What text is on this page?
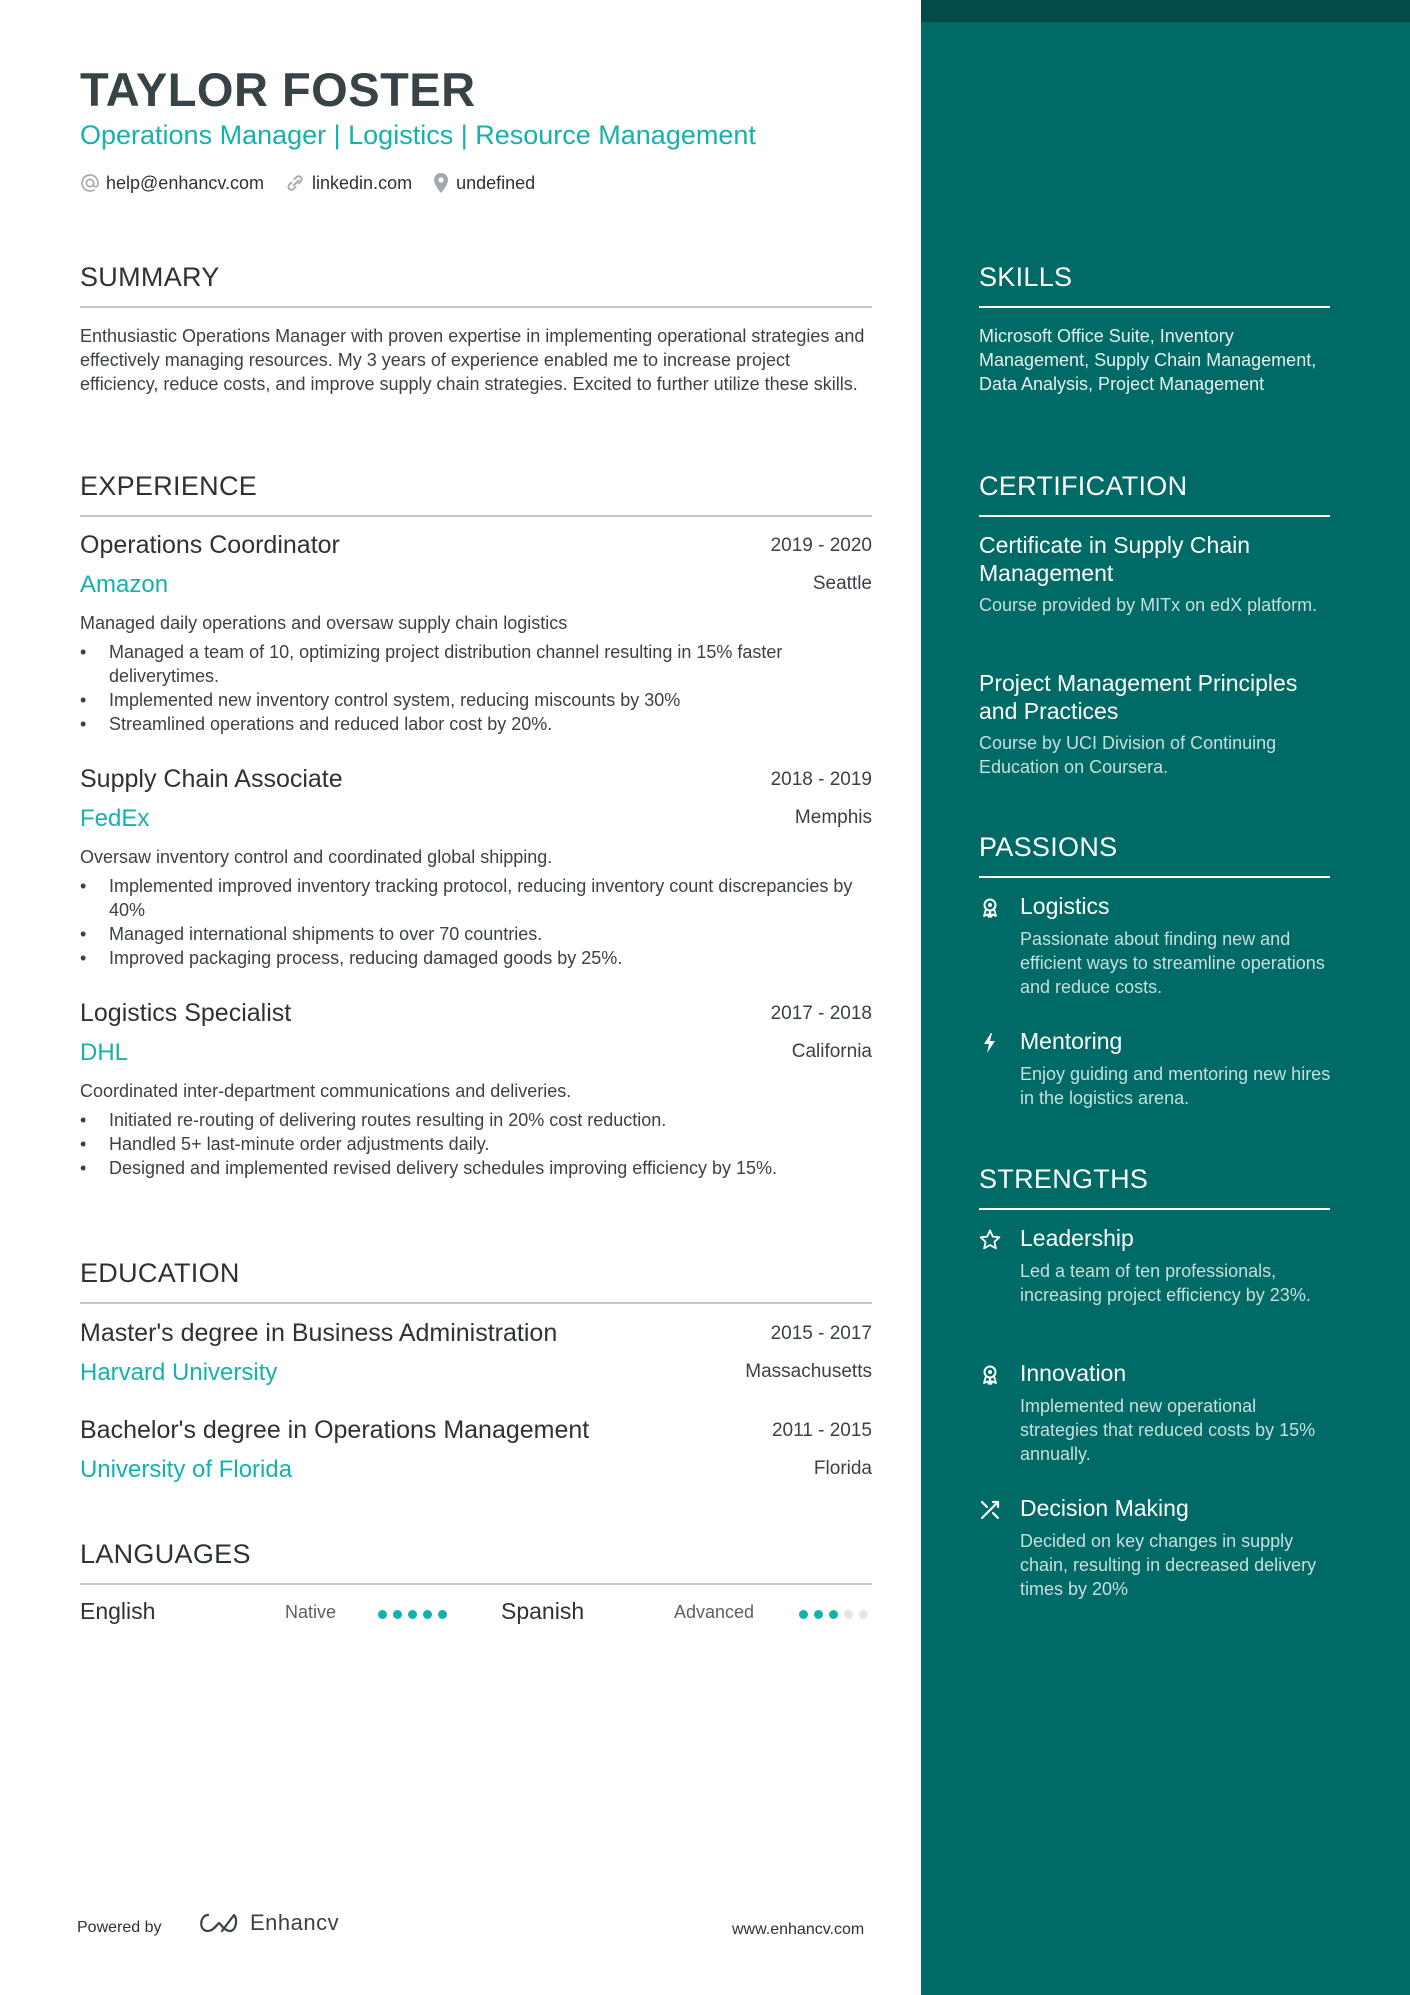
TAYLOR FOSTER
Operations Manager | Logistics | Resource Management
help@enhancv.com	linkedin.com undefined
SUMMARY
Enthusiastic Operations Manager with proven expertise in implementing operational strategies and effectively managing resources. My 3 years of experience enabled me to increase project efficiency, reduce costs, and improve supply chain strategies. Excited to further utilize these skills.
EXPERIENCE
Operations Coordinator	2019 - 2020
Amazon	Seattle
Managed daily operations and oversaw supply chain logistics
• Managed a team of 10, optimizing project distribution channel resulting in 15% faster deliverytimes.
• Implemented new inventory control system, reducing miscounts by 30%
• Streamlined operations and reduced labor cost by 20%.
Supply Chain Associate	2018 - 2019
FedEx	Memphis
Oversaw inventory control and coordinated global shipping.
• Implemented improved inventory tracking protocol, reducing inventory count discrepancies by 40%
• Managed international shipments to over 70 countries.
• Improved packaging process, reducing damaged goods by 25%.
Logistics Specialist	2017 - 2018
DHL	California
Coordinated inter-department communications and deliveries.
• Initiated re-routing of delivering routes resulting in 20% cost reduction.
• Handled 5+ last-minute order adjustments daily.
• Designed and implemented revised delivery schedules improving efficiency by 15%.
EDUCATION
Master's degree in Business Administration	2015 - 2017
Harvard University	Massachusetts
Bachelor's degree in Operations Management	2011 - 2015
University of Florida	Florida
LANGUAGES
English	Native	Spanish	Advanced
Powered by	Enhancv	www.enhancv.com
SKILLS
Microsoft Office Suite, Inventory Management, Supply Chain Management, Data Analysis, Project Management
CERTIFICATION
Certificate in Supply Chain Management
Course provided by MITx on edX platform.
Project Management Principles and Practices
Course by UCI Division of Continuing Education on Coursera.
PASSIONS
Logistics
Passionate about finding new and efficient ways to streamline operations and reduce costs.
Mentoring
Enjoy guiding and mentoring new hires in the logistics arena.
STRENGTHS
Leadership
Led a team of ten professionals, increasing project efficiency by 23%.
Innovation
Implemented new operational strategies that reduced costs by 15% annually.
Decision Making
Decided on key changes in supply chain, resulting in decreased delivery times by 20%
